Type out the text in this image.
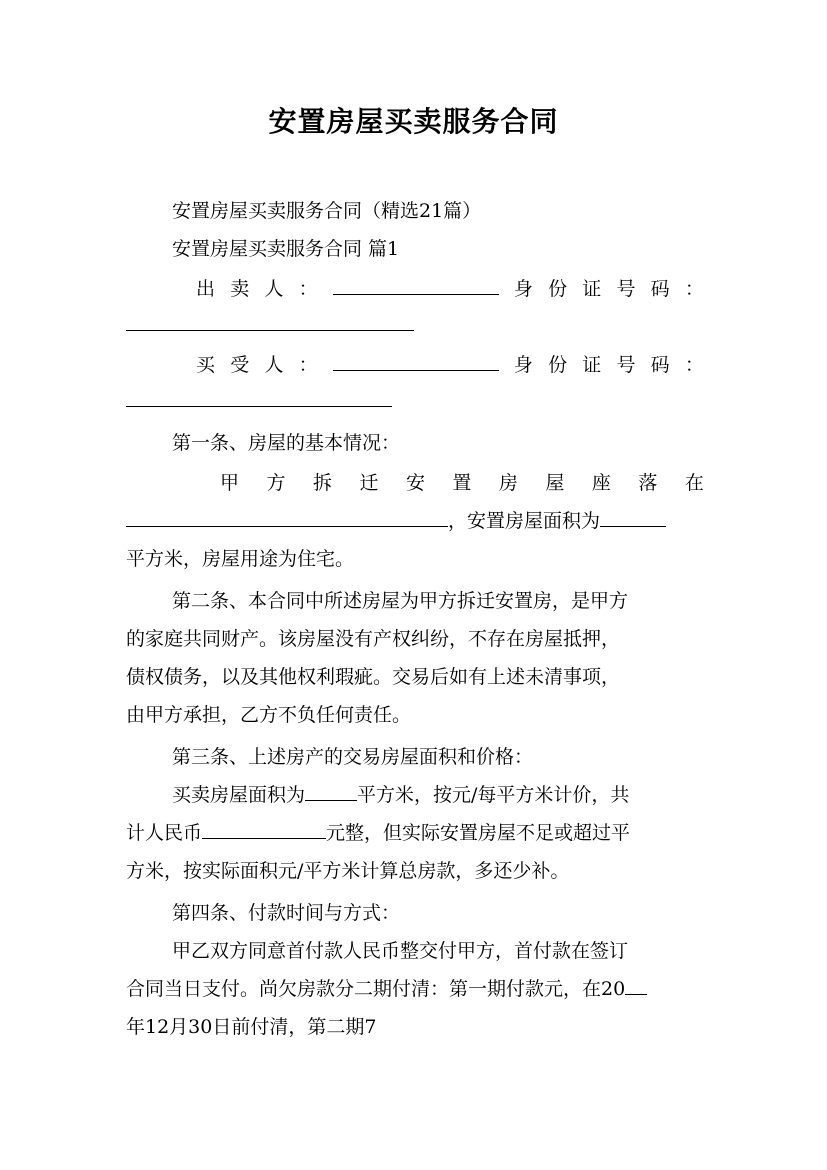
安置房屋买卖服务合同
安置房屋买卖服务合同（精选21篇）
安置房屋买卖服务合同 篇1
出 卖 人 ：	身 份 证 号 码 ：
买 受 人 ：	身 份 证 号 码 ：
第一条、房屋的基本情况：
甲 方 拆 迁 安 置 房 屋 座 落 在
，安置房屋面积为
平方米，房屋用途为住宅。
第二条、本合同中所述房屋为甲方拆迁安置房，是甲方
的家庭共同财产。该房屋没有产权纠纷，不存在房屋抵押，
债权债务，以及其他权利瑕疵。交易后如有上述未清事项，
由甲方承担，乙方不负任何责任。
第三条、上述房产的交易房屋面积和价格：
买卖房屋面积为	平方米，按元/每平方米计价，共
计人民币	元整，但实际安置房屋不足或超过平
方米，按实际面积元/平方米计算总房款，多还少补。
第四条、付款时间与方式：
甲乙双方同意首付款人民币整交付甲方，首付款在签订
合同当日支付。尚欠房款分二期付清：第一期付款元，在20
年12月30日前付清，第二期7
